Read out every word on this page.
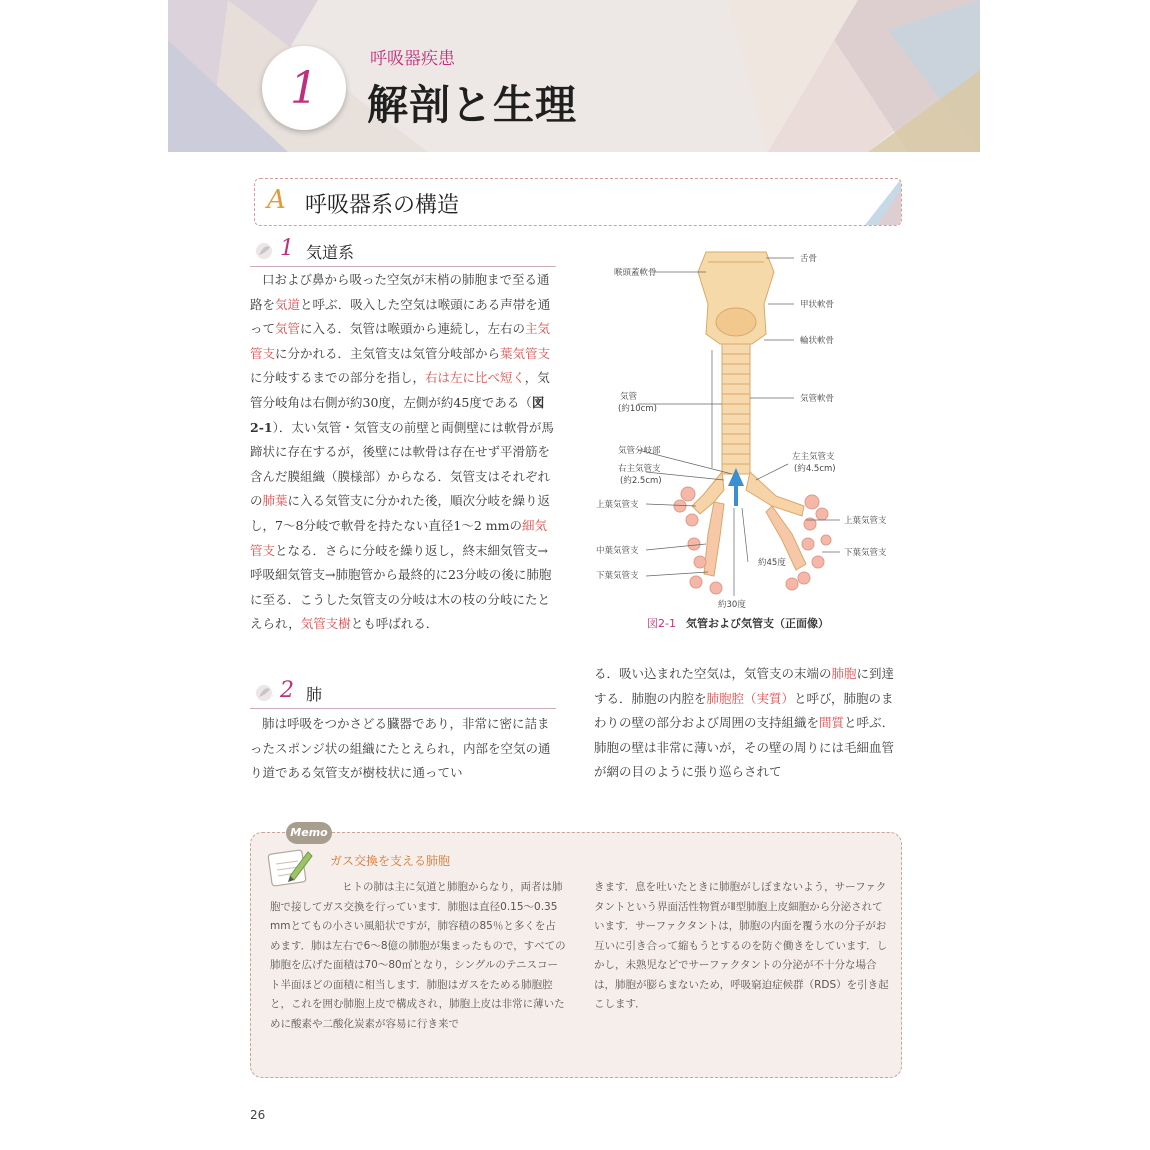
1
呼吸器疾患
解剖と生理
A 呼吸器系の構造
1 気道系

口および鼻から吸った空気が末梢の肺胞まで至る通路を気道と呼ぶ．吸入した空気は喉頭にある声帯を通って気管に入る．気管は喉頭から連続し，左右の主気管支に分かれる．主気管支は気管分岐部から葉気管支に分岐するまでの部分を指し，右は左に比べ短く，気管分岐角は右側が約30度，左側が約45度である（図2-1）．太い気管・気管支の前壁と両側壁には軟骨が馬蹄状に存在するが，後壁には軟骨は存在せず平滑筋を含んだ膜組織（膜様部）からなる．気管支はそれぞれの肺葉に入る気管支に分かれた後，順次分岐を繰り返し，7～8分岐で軟骨を持たない直径1～2 mmの細気管支となる．さらに分岐を繰り返し，終末細気管支→呼吸細気管支→肺胞管から最終的に23分岐の後に肺胞に至る．こうした気管支の分岐は木の枝の分岐にたとえられ，気管支樹とも呼ばれる．

2 肺

肺は呼吸をつかさどる臓器であり，非常に密に詰まったスポンジ状の組織にたとえられ，内部を空気の通り道である気管支が樹枝状に通ってい

る．吸い込まれた空気は，気管支の末端の肺胞に到達する．肺胞の内腔を肺胞腔（実質）と呼び，肺胞のまわりの壁の部分および周囲の支持組織を間質と呼ぶ．肺胞の壁は非常に薄いが，その壁の周りには毛細血管が網の目のように張り巡らされて

喉頭蓋軟骨
舌骨
甲状軟骨
輪状軟骨
気管
(約10cm)
気管軟骨
気管分岐部
右主気管支
(約2.5cm)
左主気管支
(約4.5cm)
上葉気管支
上葉気管支
中葉気管支
下葉気管支
下葉気管支
約45度
約30度
図2-1 気管および気管支（正面像）
Memo
ガス交換を支える肺胞

ヒトの肺は主に気道と肺胞からなり，両者は肺胞で接してガス交換を行っています．肺胞は直径0.15～0.35 mmとてもの小さい風船状ですが，肺容積の85％と多くを占めます．肺は左右で6～8億の肺胞が集まったもので，すべての肺胞を広げた面積は70～80㎡となり，シングルのテニスコート半面ほどの面積に相当します．肺胞はガスをためる肺胞腔と，これを囲む肺胞上皮で構成され，肺胞上皮は非常に薄いために酸素や二酸化炭素が容易に行き来で

きます．息を吐いたときに肺胞がしぼまないよう，サーファクタントという界面活性物質がⅡ型肺胞上皮細胞から分泌されています．サーファクタントは，肺胞の内面を覆う水の分子がお互いに引き合って縮もうとするのを防ぐ働きをしています．しかし，未熟児などでサーファクタントの分泌が不十分な場合は，肺胞が膨らまないため，呼吸窮迫症候群（RDS）を引き起こします．

26
